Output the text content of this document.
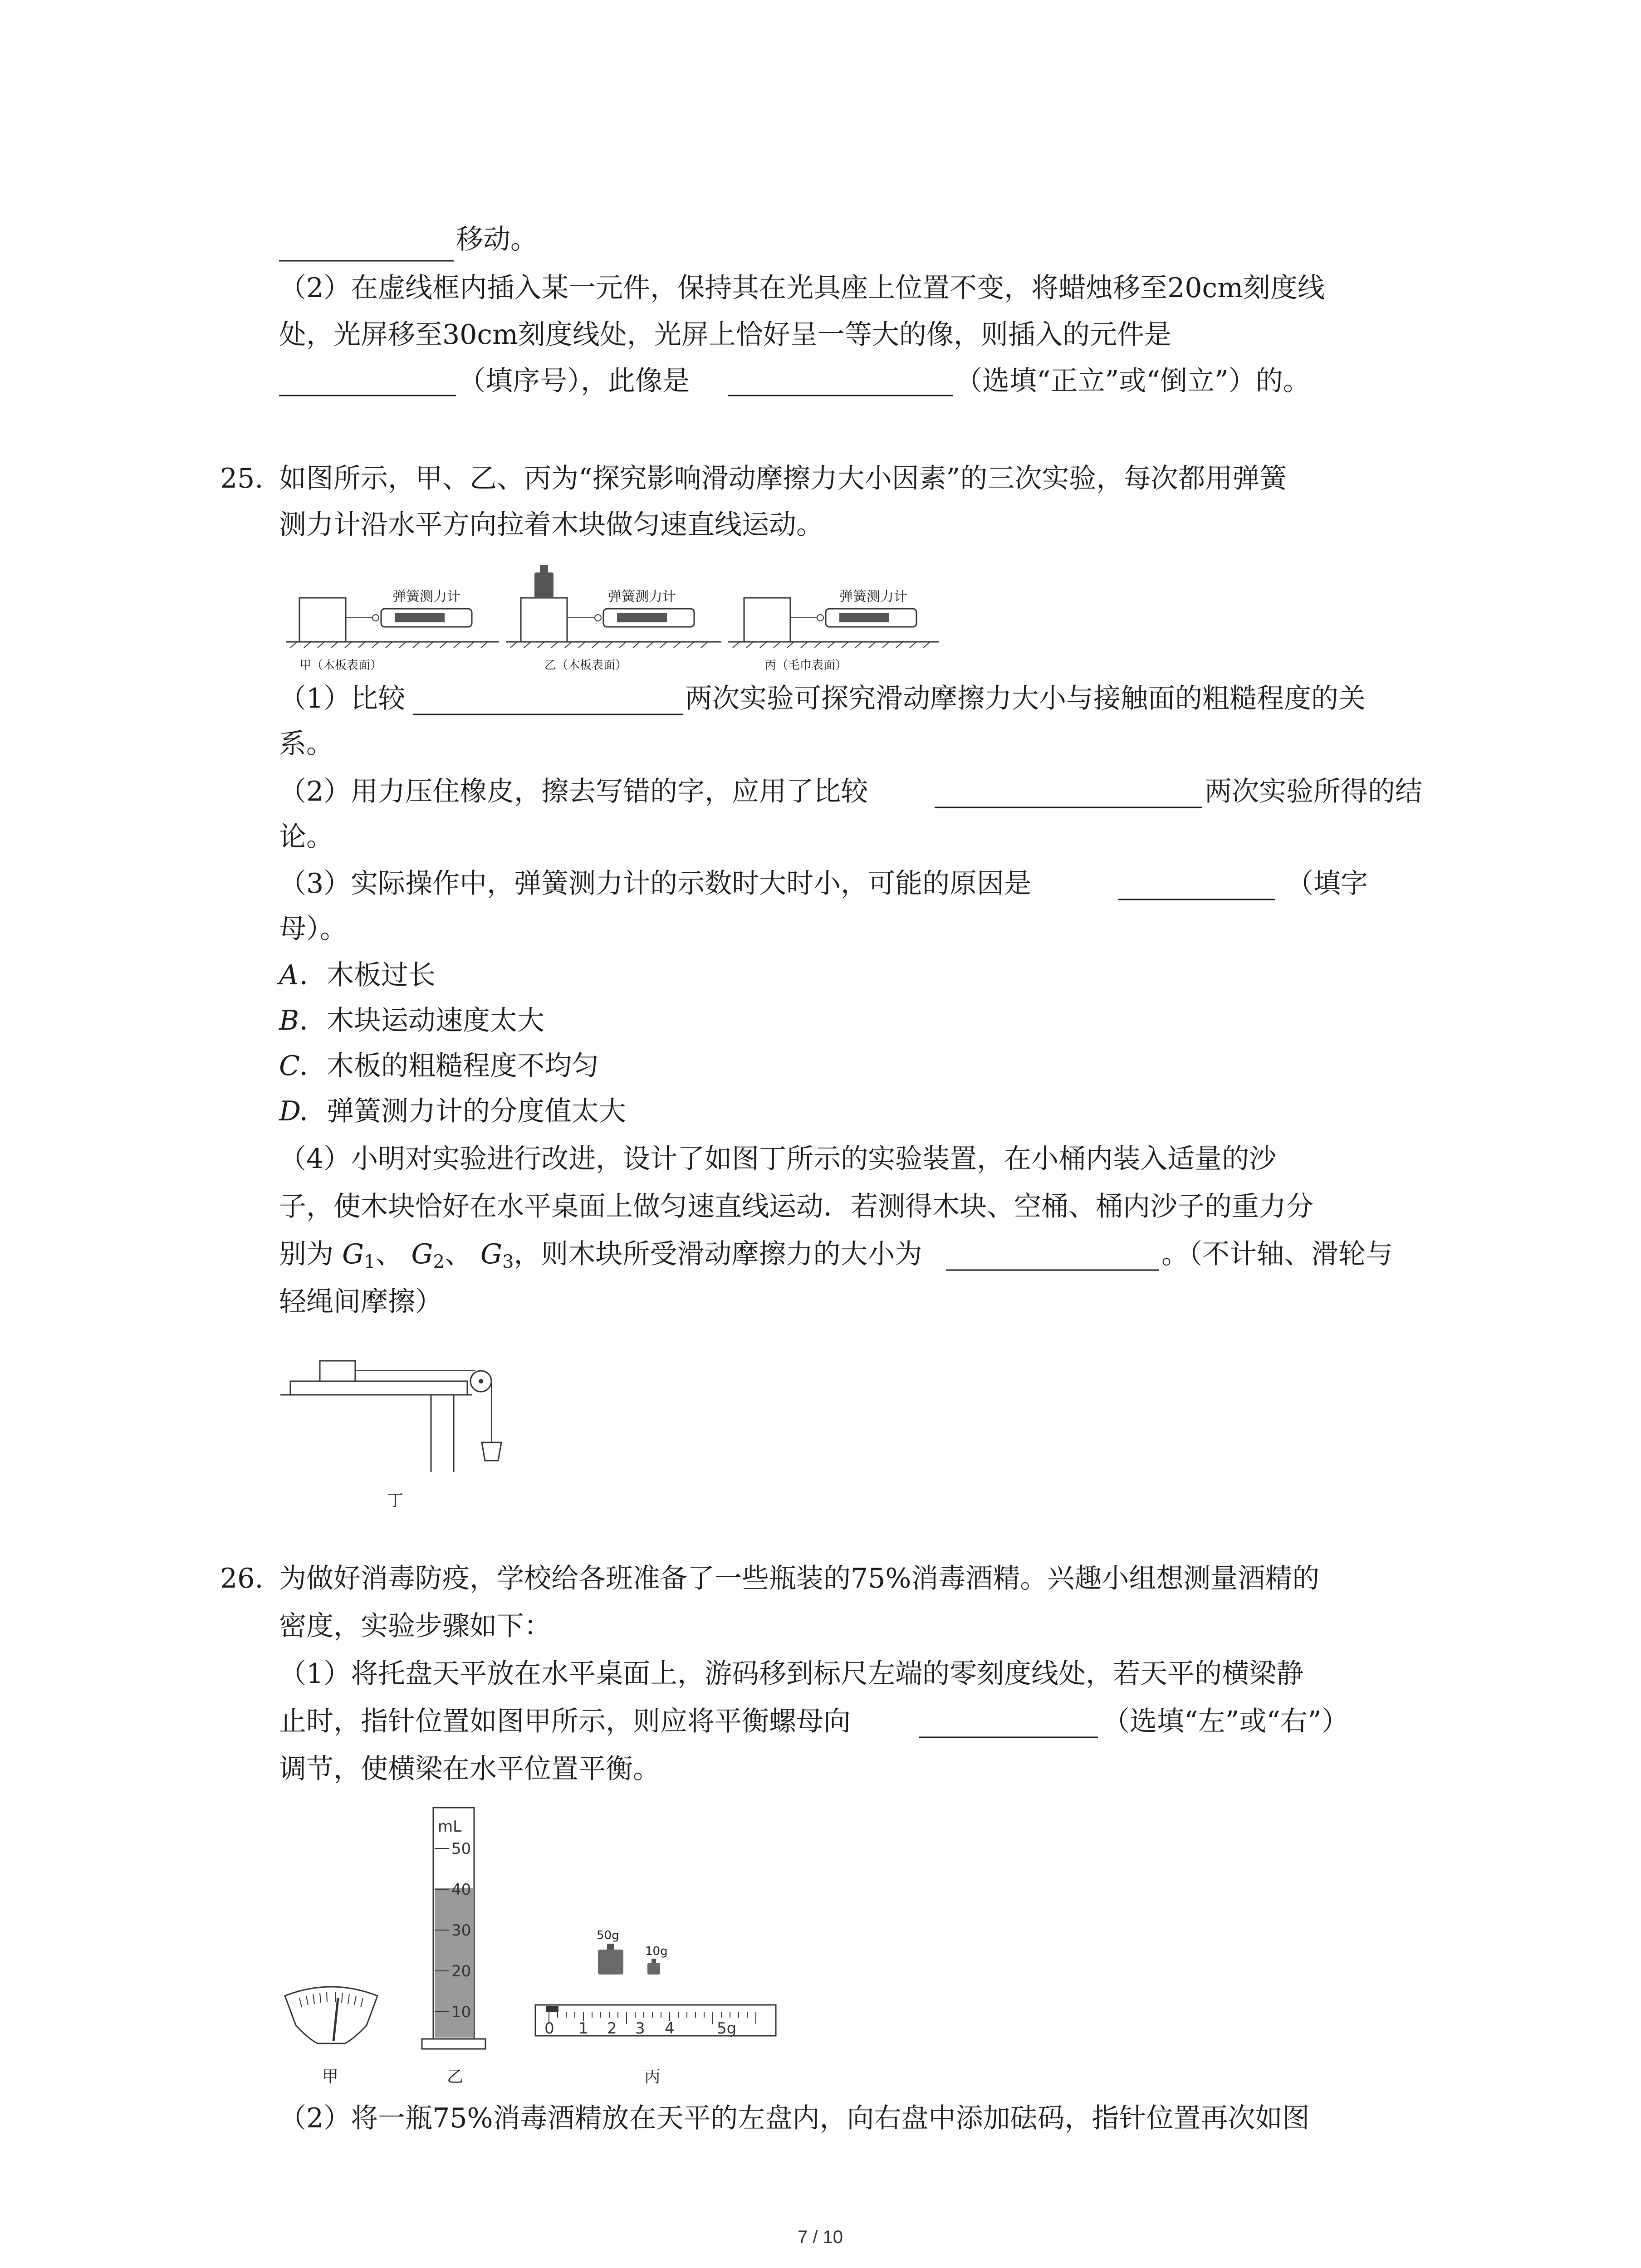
移动。
（2）在虚线框内插入某一元件，保持其在光具座上位置不变，将蜡烛移至20cm刻度线
处，光屏移至30cm刻度线处，光屏上恰好呈一等大的像，则插入的元件是
（填序号），此像是	（选填“正立”或“倒立”）的。
25. 如图所示，甲、乙、丙为“探究影响滑动摩擦力大小因素”的三次实验，每次都用弹簧
测力计沿水平方向拉着木块做匀速直线运动。
弹簧测力计
甲（木板表面）
弹簧测力计
乙（木板表面）
弹簧测力计
丙（毛巾表面）
（1）比较	两次实验可探究滑动摩擦力大小与接触面的粗糙程度的关
系。
（2）用力压住橡皮，擦去写错的字，应用了比较	两次实验所得的结
论。
（3）实际操作中，弹簧测力计的示数时大时小，可能的原因是	（填字
母）。
A ．木板过长
B ．木块运动速度太大
C ．木板的粗糙程度不均匀
D
．弹簧测力计的分度值太大
（4）小明对实验进行改进，设计了如图丁所示的实验装置，在小桶内装入适量的沙
子，使木块恰好在水平桌面上做匀速直线运动．若测得木块、空桶、桶内沙子的重力分
别为 G1、 G2、 G3，则木块所受滑动摩擦力的大小为	。（不计轴、滑轮与
轻绳间摩擦）
丁
26. 为做好消毒防疫，学校给各班准备了一些瓶装的75%消毒酒精。兴趣小组想测量酒精的
密度，实验步骤如下：
（1）将托盘天平放在水平桌面上，游码移到标尺左端的零刻度线处，若天平的横梁静
止时，指针位置如图甲所示，则应将平衡螺母向	（选填“左”或“右”）
调节，使横梁在水平位置平衡。
甲
mL
50
40
30
20
10
乙
50g
10g
0 1 2 3 4	5g
丙
（2）将一瓶75%消毒酒精放在天平的左盘内，向右盘中添加砝码，指针位置再次如图
7 / 10
